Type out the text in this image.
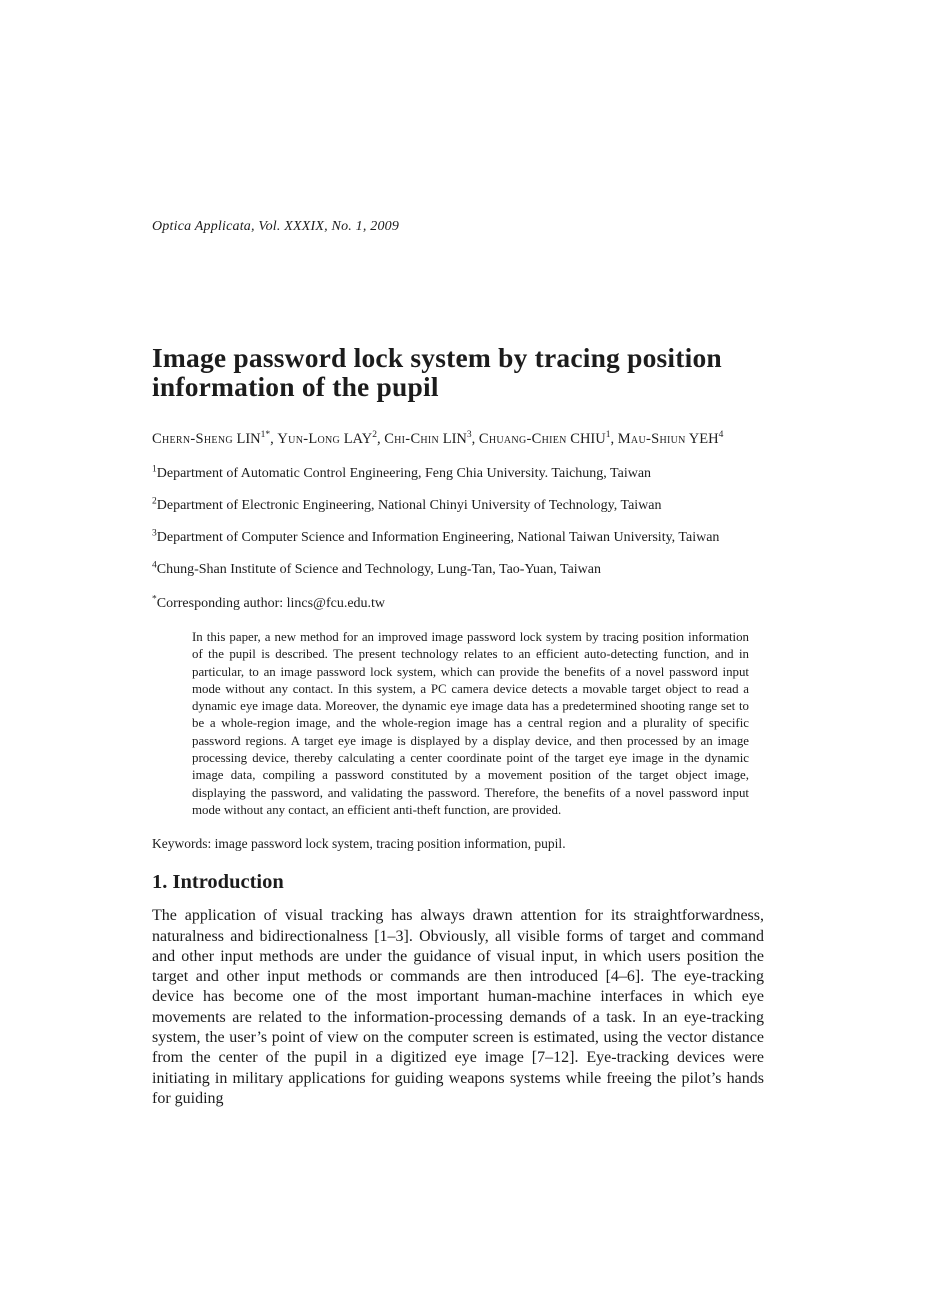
Optica Applicata, Vol. XXXIX, No. 1, 2009
Image password lock system by tracing position
information of the pupil
Chern-Sheng LIN$^{1*}$, Yun-Long LAY$^2$, Chi-Chin LIN$^3$, Chuang-Chien CHIU$^1$, Mau-Shiun YEH$^4$
$^1$Department of Automatic Control Engineering, Feng Chia University. Taichung, Taiwan
$^2$Department of Electronic Engineering, National Chinyi University of Technology, Taiwan
$^3$Department of Computer Science and Information Engineering, National Taiwan University, Taiwan
$^4$Chung-Shan Institute of Science and Technology, Lung-Tan, Tao-Yuan, Taiwan
*Corresponding author: lincs@fcu.edu.tw

In this paper, a new method for an improved image password lock system by tracing position information of the pupil is described. The present technology relates to an efficient auto-detecting function, and in particular, to an image password lock system, which can provide the benefits of a novel password input mode without any contact. In this system, a PC camera device detects a movable target object to read a dynamic eye image data. Moreover, the dynamic eye image data has a predetermined shooting range set to be a whole-region image, and the whole-region image has a central region and a plurality of specific password regions. A target eye image is displayed by a display device, and then processed by an image processing device, thereby calculating a center coordinate point of the target eye image in the dynamic image data, compiling a password constituted by a movement position of the target object image, displaying the password, and validating the password. Therefore, the benefits of a novel password input mode without any contact, an efficient anti-theft function, are provided.

Keywords: image password lock system, tracing position information, pupil.

1. Introduction

The application of visual tracking has always drawn attention for its straightforwardness, naturalness and bidirectionalness [1–3]. Obviously, all visible forms of target and command and other input methods are under the guidance of visual input, in which users position the target and other input methods or commands are then introduced [4–6]. The eye-tracking device has become one of the most important human-machine interfaces in which eye movements are related to the information-processing demands of a task. In an eye-tracking system, the user’s point of view on the computer screen is estimated, using the vector distance from the center of the pupil in a digitized eye image [7–12]. Eye-tracking devices were initiating in military applications for guiding weapons systems while freeing the pilot’s hands for guiding
